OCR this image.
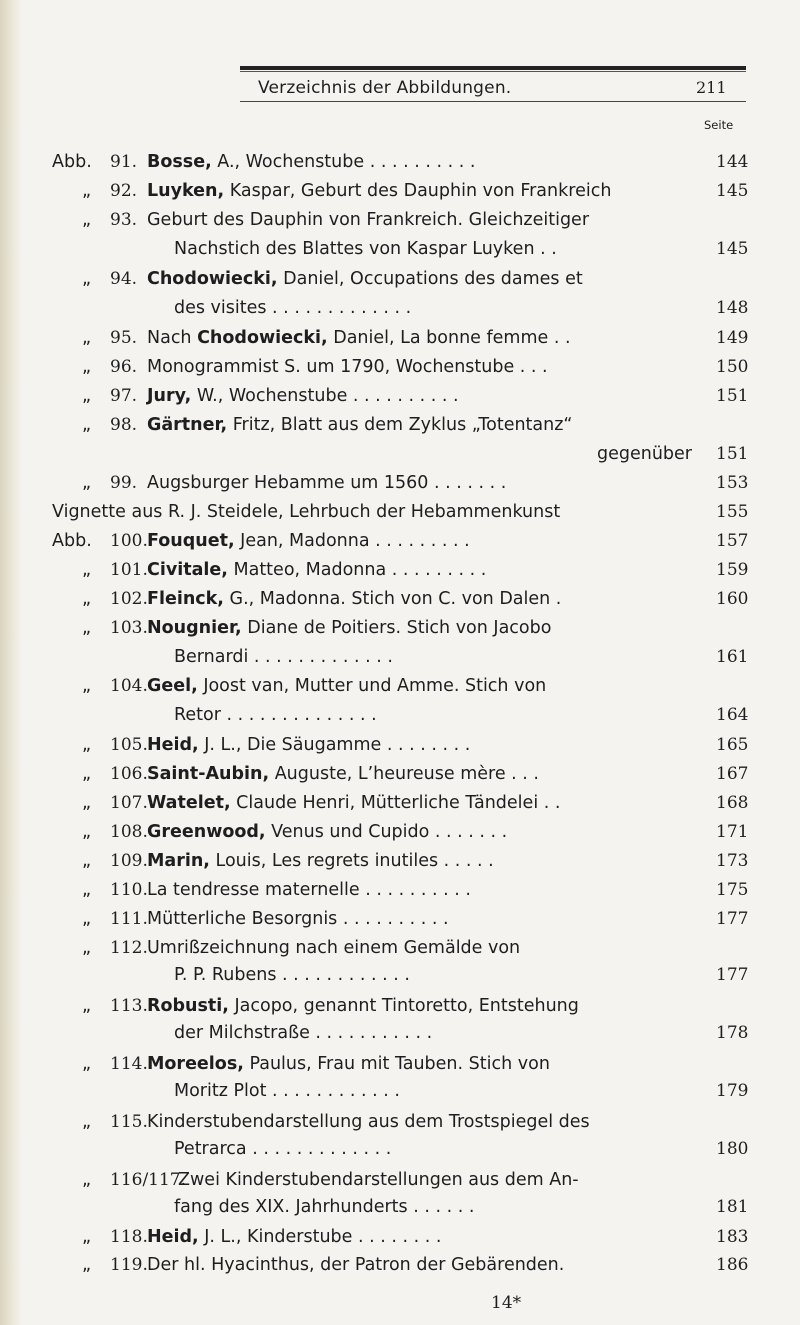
Verzeichnis der Abbildungen.	211
Seite
Abb. 91. Bosse, A., Wochenstube . . . . . . . . . .	144
„ 92. Luyken, Kaspar, Geburt des Dauphin von Frankreich	145
„ 93. Geburt des Dauphin von Frankreich. Gleichzeitiger
Nachstich des Blattes von Kaspar Luyken . .	145
„ 94. Chodowiecki, Daniel, Occupations des dames et
des visites . . . . . . . . . . . . .	148
„ 95. Nach Chodowiecki, Daniel, La bonne femme . .	149
„ 96. Monogrammist S. um 1790, Wochenstube . . .	150
„ 97. Jury, W., Wochenstube . . . . . . . . . .	151
„ 98. Gärtner, Fritz, Blatt aus dem Zyklus „Totentanz“
gegenüber 151
„ 99. Augsburger Hebamme um 1560 . . . . . . .	153
Vignette aus R. J. Steidele, Lehrbuch der Hebammenkunst	155
Abb. 100. Fouquet, Jean, Madonna . . . . . . . . .	157
„ 101. Civitale, Matteo, Madonna . . . . . . . . .	159
„ 102. Fleinck, G., Madonna. Stich von C. von Dalen .	160
„ 103. Nougnier, Diane de Poitiers. Stich von Jacobo
Bernardi . . . . . . . . . . . . .	161
„ 104. Geel, Joost van, Mutter und Amme. Stich von
Retor . . . . . . . . . . . . . .	164
„ 105. Heid, J. L., Die Säugamme . . . . . . . .	165
„ 106. Saint-Aubin, Auguste, L’heureuse mère . . .	167
„ 107. Watelet, Claude Henri, Mütterliche Tändelei . .	168
„ 108. Greenwood, Venus und Cupido . . . . . . .	171
„ 109. Marin, Louis, Les regrets inutiles . . . . .	173
„ 110. La tendresse maternelle . . . . . . . . . .	175
„ 111. Mütterliche Besorgnis . . . . . . . . . .	177
„ 112. Umrißzeichnung nach einem Gemälde von
P. P. Rubens . . . . . . . . . . . .	177
„ 113. Robusti, Jacopo, genannt Tintoretto, Entstehung
der Milchstraße . . . . . . . . . . .	178
„ 114. Moreelos, Paulus, Frau mit Tauben. Stich von
Moritz Plot . . . . . . . . . . . .	179
„ 115. Kinderstubendarstellung aus dem Trostspiegel des
Petrarca . . . . . . . . . . . . .	180
„ 116/117.
Zwei Kinderstubendarstellungen aus dem An-
fang des XIX. Jahrhunderts . . . . . .	181
„ 118. Heid, J. L., Kinderstube . . . . . . . .	183
„ 119. Der hl. Hyacinthus, der Patron der Gebärenden.	186
14*
